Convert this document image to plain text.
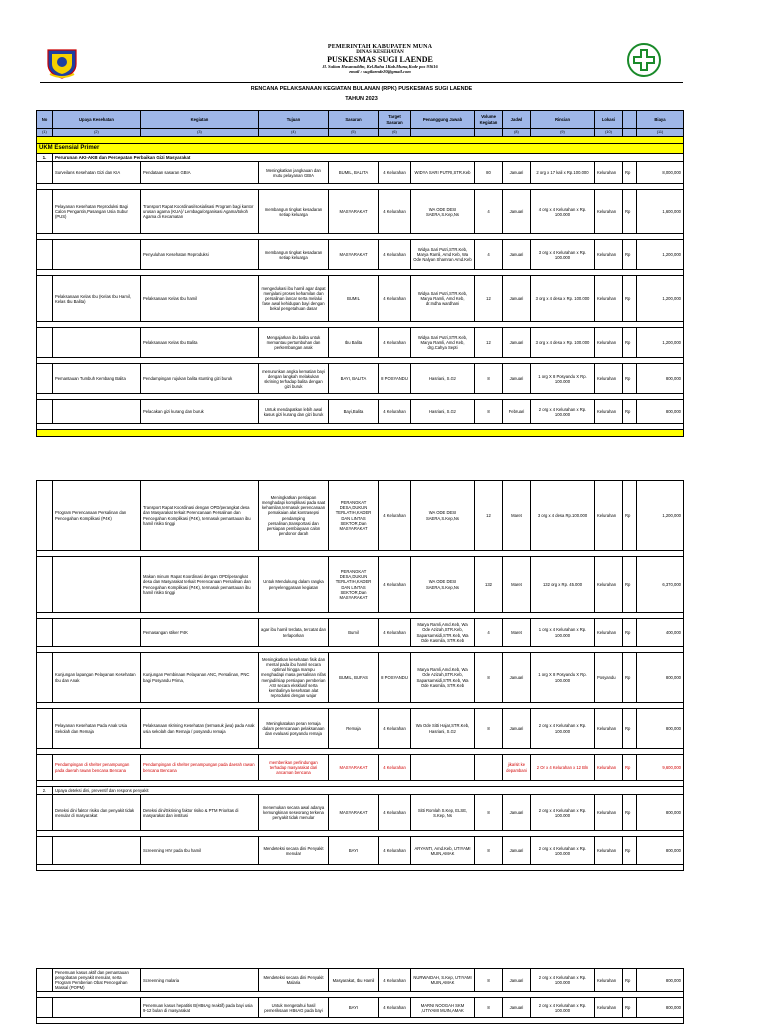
PEMERINTAH KABUPATEN MUNA
DINAS KESEHATAN
PUSKESMAS SUGI LAENDE
Jl. Sultan Hasanuddin, Kel.Raha 1Kab.Muna,Kode pos 93616
email : sugilaende20@gmail.com
RENCANA PELAKSANAAN KEGIATAN BULANAN (RPK) PUSKESMAS SUGI LAENDE
TAHUN 2023
No	Upaya Kesehatan	Kegiatan	Tujuan	Sasaran	Target Sasaran	Penanggung Jawab	Volume Kegiatan	Jadwl	Rincian	Lokasi		Biaya
(1)	(2)	(3)	(4)	(5)	(6)			(8)	(9)	(10)		(11)

UKM Esensial Primer												
1.	Perurunan AKI-AKB dan Percepatan Perbaikan Gizi Masyarakat											
	Surveilans Kesehatan Gizi dan KIA	Pendataan sasaran GBIA	Meningkatkan jangkauan dan mutu pelayanan GBIA	BUMIL, BALITA	4 Kelurahan	WIDYA SARI PUTRI,STR.Keb	80	Januari	2 org x 17 kali x Rp.100.000	Kelurahan	Rp	8,000,000

	Pelayanan Kesehatan Reproduksi Bagi Calon Pengantin,Pasangan Usia Subur (PUS)	Transport Rapat Koordinasi/sosialisasi Program bagi kantor urusan agama (KUA)/ Lembaga/organisasi Agama/tokoh Agama di Kecamatan	membangun tingkat kesadaran setiap keluarga	MASYARAKAT	4 Kelurahan	WA ODE DESI SAERA,S.Kep,Ns	4	Januari	4 org x 4 Kelurahan x Rp. 100.000	Kelurahan	Rp	1,600,000

		Penyuluhan Kesehatan Reproduksi	membangun tingkat kesadaran setiap keluarga	MASYARAKAT	4 Kelurahan	Widya Sari Putri,STR.Keb, Marya Ramli, Amd Keb, Wa Ode Nalyan Shamran Amd.Keb	4	Januari	3 org x 4 Kelurahan x Rp. 100.000	Kelurahan	Rp	1,200,000

	Pelaksanaan Kelas Ibu (Kelas Ibu Hamil, Kelas Ibu Balita)	Pelaksanaan Kelas Ibu hamil	mengedukasi ibu hamil agar dapat menjalani proses kehamilan dan persalinan lancar serta melalui fase awal kehidupan bayi dengan bekal pengetahuan dasar	BUMIL	4 Kelurahan	Widya Sari Putri,STR.Keb, Marya Ramli, Amd Keb, dr.Indha wardhani	12	Januari	3 org x 4 desa x Rp. 100.000	Kelurahan	Rp	1,200,000

		Pelaksanaan Kelas Ibu Balita	Mengajarkan ibu balita untuk memantau pertumbuhan dan perkembangan anak	Ibu Balita	4 Kelurahan	Widya Sari Putri,STR.Keb, Marya Ramli, Amd Keb, drg.Cahya Septi	12	Januari	3 org x 4 desa x Rp. 100.000	Kelurahan	Rp	1,200,000

	Pemantauan Tumbuh Kembang Balita	Pendampingan rujukan balita stunting gizi buruk	menurunkan angka kematian bayi dengan langkah melakukan skrining terhadap balita dengan gizi buruk	BAYI, BALITA	8 POSYANDU	Hasriani, S.Gz	8	Januari	1 org X 8 Posyandu X Rp. 100.000	Kelurahan	Rp	800,000

		Pelacakan gizi kurang dan buruk	Untuk mendapatkan lebih awal kasus gizi kurang dan gizi buruk	Bayi,Balita	4 Kelurahan	Hasriani, S.Gz	8	Februari	2 org x 4 Kelurahan x Rp. 100.000	Kelurahan	Rp	800,000

	Program Perencanaan Persalinan dan Pencegahan Komplikasi (P4K)	Transport Rapat Koordinasi dengan OPD/perangkat desa dan Masyarakat terkait Perencanaan Persalinan dan Pencegahan Komplikasi (P4K), termasuk pemantauan ibu hamil risiko tinggi	Meningkatkan persiapan menghadapi komplikasi pada saat kehamilan,termasuk perencanaan pemakaian alat kontrasepsi pendamping persalinan,transportasi dan persiapan pembiayaan calon pendonor darah	PERANGKAT DESA,DUKUN TERLATIH,KADER DAN LINTAS SEKTOR,Dan MASYARAKAT	4 Kelurahan	WA ODE DESI SAERA,S.Kep,Ns	12	Maret	3 org x 4 desa Rp.100.000	Kelurahan	Rp	1,200,000

		Makan minum Rapat Koordinasi dengan OPD/perangkat desa dan Masyarakat terkait Perencanaan Persalinan dan Pencegahan Komplikasi (P4K), termasuk pemantauan ibu hamil risiko tinggi	Untuk Mendukung dalam rangka penyelenggaraan kegiatan	PERANGKAT DESA,DUKUN TERLATIH,KADER DAN LINTAS SEKTOR,Dan MASYARAKAT	4 Kelurahan	WA ODE DESI SAERA,S.Kep,Ns	132	Maret	132 org x Rp. 45.000	Kelurahan	Rp	6,370,000

		Pemasangan stiker P4K	agar ibu hamil terdata, tercatat dan terlaporkan	Bumil	4 Kelurahan	Marya Ramli,Amd.Keb, Wa Ode Azizah,STR.Keb, Saparsamsidi,STR.Keb, Wa Ode Kasmila, STR.Keb	4	Maret	1 org x 4 Kelurahan x Rp. 100.000	Kelurahan	Rp	400,000

	Kunjungan lapangan Pelayanan Kesehatan Ibu dan Anak	Kunjungan Pembinaan Pelayanan ANC, Persalinan, PNC bagi Posyandu Prima,	Meningkatkan kesehatan fisik dan mental pada ibu hamil secara optimal hingga mampu menghadapi masa persalinan nifas menjadi/siap persiapan pemberian ASI secara eksklusif serta kembalinya kesehatan alat reproduksi dengan wajar	BUMIL, BUFAS	8 POSYANDU	Marya Ramli,Amd.Keb, Wa Ode Azizah,STR.Keb, Saparsamsidi,STR.Keb, Wa Ode Kasmila, STR.Keb	8	Januari	1 org X 8 Posyandu X Rp. 100.000	Posyandu	Rp	800,000

	Pelayanan Kesehatan Pada Anak Usia Sekolah dan Remaja	Pelaksanaan skrining Kesehatan (termasuk jiwa) pada Anak usia sekolah dan Remaja / posyandu remaja	Meningkatakan peran remaja dalam perencanaan pelaksanaan dan evaluasi posyandu remaja	Remaja	4 Kelurahan	Wa Ode Sitti Hajar,STR.Keb, Hasriani, S.Gz	8	Januari	2 org x 4 Kelurahan x Rp. 100.000	Kelurahan	Rp	800,000

	Pendampingan di shelter penampungan pada daerah rawan bencana Bencana	Pendampingan di shelter penampungan pada daerah rawan bencana Bencana	memberikan perlindungan terhadap masyarakat dari ancaman bencana	MASYARAKAT	4 Kelurahan			jika/sit ke depambani	2 Or x 4 Kelurahan x 12 Bln	Kelurahan	Rp	9,600,000

2.	Upaya deteksi dini, preventif dan respons penyakit											
	Deteksi dini faktor risiko dan penyakit tidak menular di masyarakat	Deteksi dini/Skrining faktor risiko & PTM Prioritas di masyarakat dan institusi	menemukan secara awal adanya kemungkinan seseorang terkena penyakit tidak menular	MASYARAKAT	4 Kelurahan	Sitti Romlah S.Kep, ELSE, S.Kep, Ns	8	Januari	2 org x 4 Kelurahan x Rp. 100.000	Kelurahan	Rp	800,000

		Screenning HIV pada Ibu hamil	Mendeteksi secara dini Penyakit menular	BAYI	4 Kelurahan	ARYANTI, Amd.Keb, UTIYAMI MUIN,AMAK	8	Januari	2 org x 4 Kelurahan x Rp. 100.000	Kelurahan	Rp	800,000

	Penemuan kasus aktif dan pemantauan pengobatan penyakit menular, serta Program Pemberian Obat Pencegahan Massal (POPM)	Screenning malaria	Mendeteksi secara dini Penyakit Malaria	Masyarakat, Ibu Hamil	4 Kelurahan	NURWAIDAH, S.Kep, UTIYAMI MUIN,AMAK	8	Januari	2 org x 4 Kelurahan x Rp. 100.000	Kelurahan	Rp	800,000

		Penemuan kasus hepatitis B(HBsAg reaktif) pada bayi usia 9-12 bulan di masyarakat	Untuk mengetahui hasil pemeriksaan HBsAG pada bayi	BAYI	4 Kelurahan	MARNI NOOGAH SKM ,UTIYAMI MUIN,AMAK	8	Januari	2 org x 4 Kelurahan x Rp. 100.000	Kelurahan	Rp	800,000
